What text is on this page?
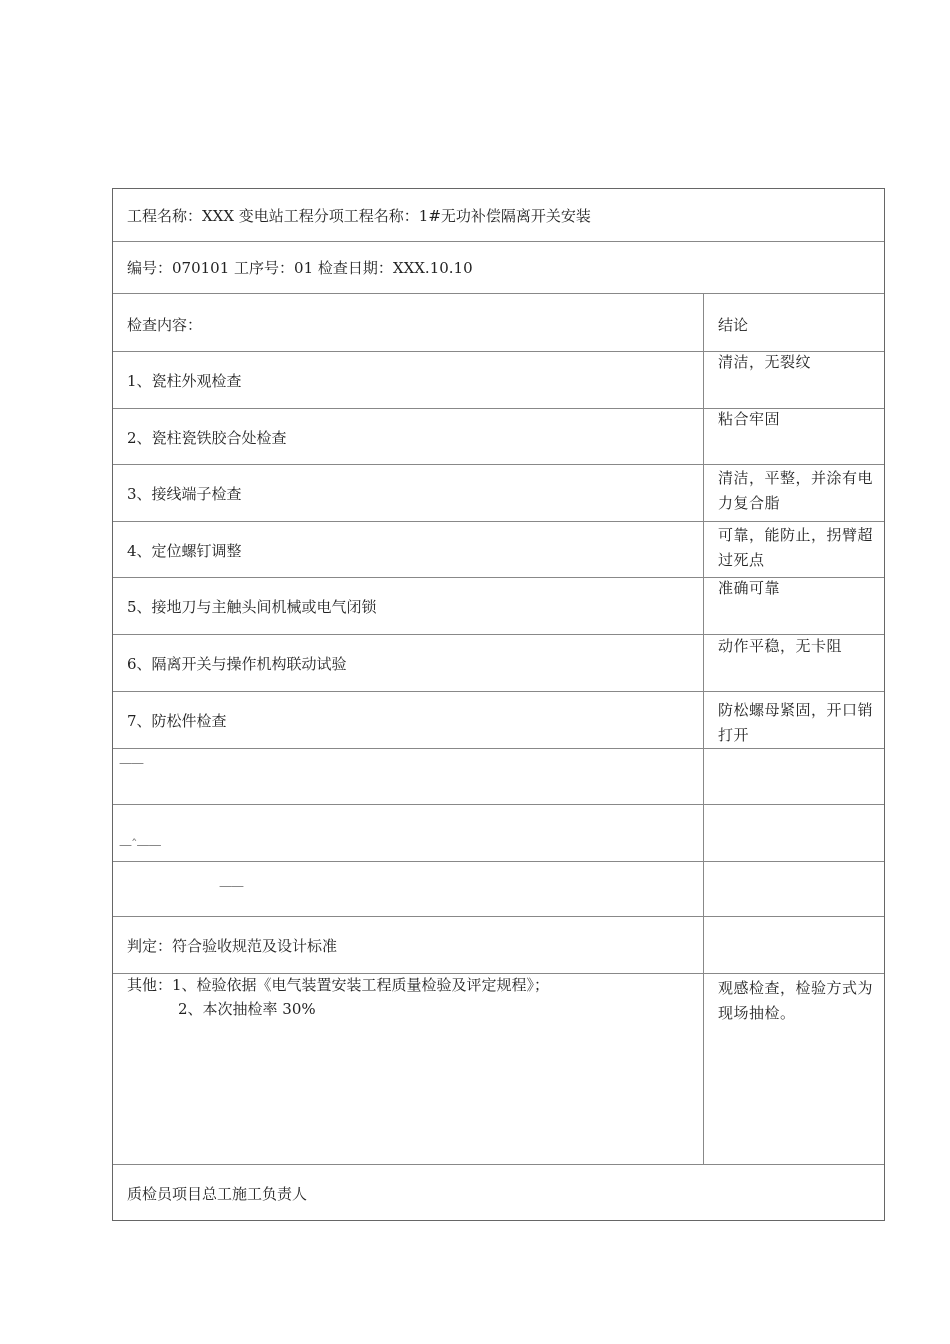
工程名称：XXX 变电站工程分项工程名称：1#无功补偿隔离开关安装
编号：070101 工序号：01 检查日期：XXX.10.10
检查内容：	结论
1、瓷柱外观检查
清洁，无裂纹
2、瓷柱瓷铁胶合处检查
粘合牢固
3、接线端子检查
清洁，平整，并涂有电力复合脂
4、定位螺钉调整
可靠，能防止，拐臂超过死点
5、接地刀与主触头间机械或电气闭锁
准确可靠
6、隔离开关与操作机构联动试验
动作平稳，无卡阻
7、防松件检查
防松螺母紧固，开口销打开
——
—ˆ——
——
判定：符合验收规范及设计标准
其他：1、检验依据《电气装置安装工程质量检验及评定规程》；
2、本次抽检率 30%
观感检查，检验方式为现场抽检。
质检员项目总工施工负责人
